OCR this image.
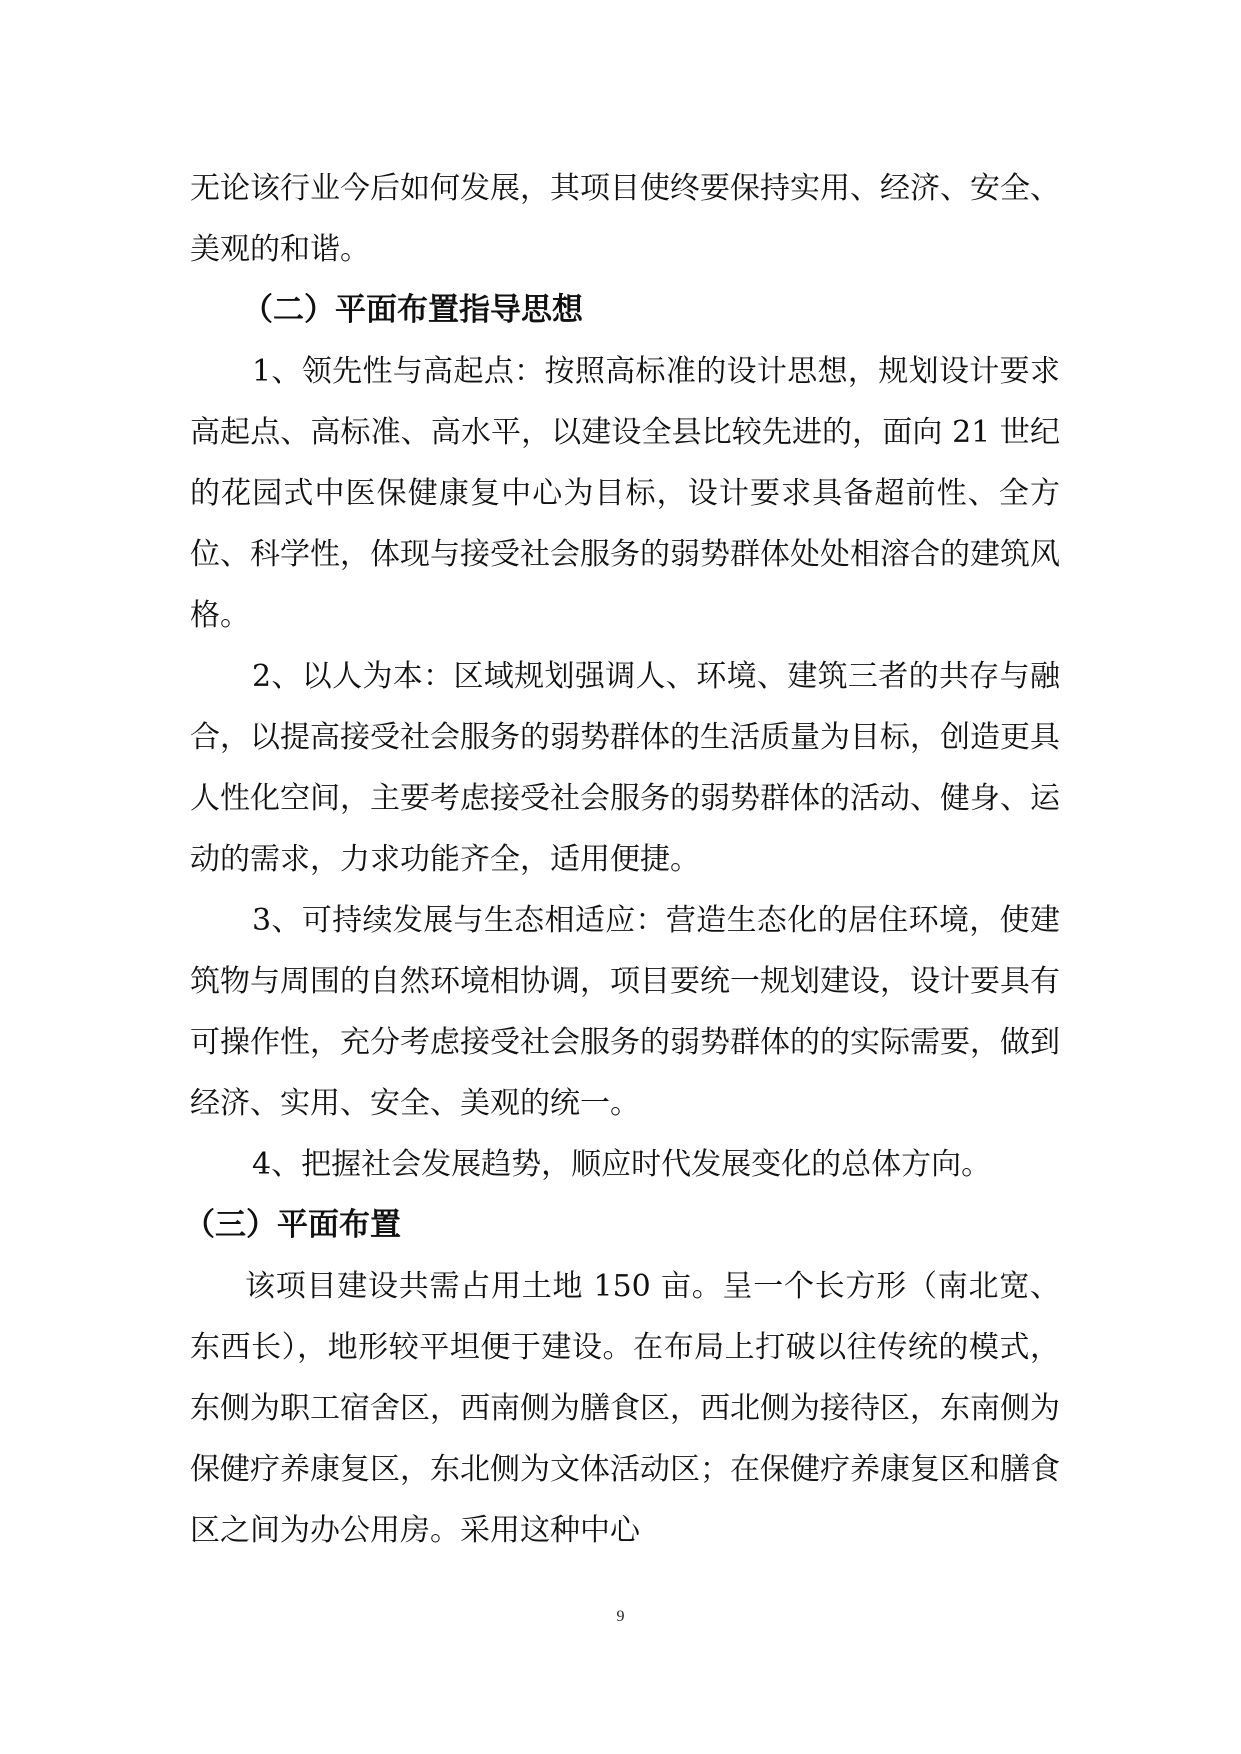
无论该行业今后如何发展，其项目使终要保持实用、经济、安全、美观的和谐。

（二）平面布置指导思想

1、领先性与高起点：按照高标准的设计思想，规划设计要求高起点、高标准、高水平，以建设全县比较先进的，面向 21 世纪的花园式中医保健康复中心为目标，设计要求具备超前性、全方位、科学性，体现与接受社会服务的弱势群体处处相溶合的建筑风格。

2、以人为本：区域规划强调人、环境、建筑三者的共存与融合，以提高接受社会服务的弱势群体的生活质量为目标，创造更具人性化空间，主要考虑接受社会服务的弱势群体的活动、健身、运动的需求，力求功能齐全，适用便捷。

3、可持续发展与生态相适应：营造生态化的居住环境，使建筑物与周围的自然环境相协调，项目要统一规划建设，设计要具有可操作性，充分考虑接受社会服务的弱势群体的的实际需要，做到经济、实用、安全、美观的统一。

4、把握社会发展趋势，顺应时代发展变化的总体方向。

（三）平面布置

该项目建设共需占用土地 150 亩。呈一个长方形（南北宽、东西长），地形较平坦便于建设。在布局上打破以往传统的模式，东侧为职工宿舍区，西南侧为膳食区，西北侧为接待区，东南侧为保健疗养康复区，东北侧为文体活动区；在保健疗养康复区和膳食区之间为办公用房。采用这种中心

9
